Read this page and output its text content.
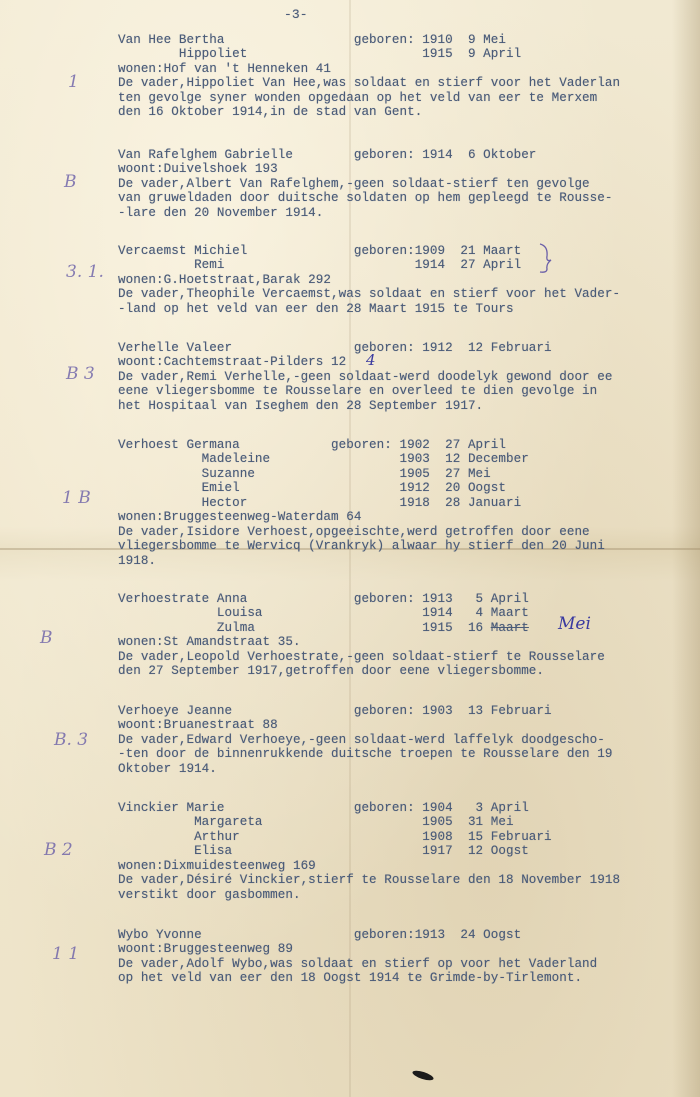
-3-
Van Hee Bertha                 geboren: 1910  9 Mei
Hippoliet                       1915  9 April
wonen:Hof van 't Henneken 41
De vader,Hippoliet Van Hee,was soldaat en stierf voor het Vaderlan
ten gevolge syner wonden opgedaan op het veld van eer te Merxem
den 16 Oktober 1914,in de stad van Gent.
1
Van Rafelghem Gabrielle        geboren: 1914  6 Oktober
woont:Duivelshoek 193
De vader,Albert Van Rafelghem,-geen soldaat-stierf ten gevolge
van gruweldaden door duitsche soldaten op hem gepleegd te Rousse-
-lare den 20 November 1914.
B
Vercaemst Michiel              geboren:1909  21 Maart
Remi                         1914  27 April
wonen:G.Hoetstraat,Barak 292
De vader,Theophile Vercaemst,was soldaat en stierf voor het Vader-
-land op het veld van eer den 28 Maart 1915 te Tours
3. 1.
Verhelle Valeer                geboren: 1912  12 Februari
woont:Cachtemstraat-Pilders 12 4
De vader,Remi Verhelle,-geen soldaat-werd doodelyk gewond door ee
eene vliegersbomme te Rousselare en overleed te dien gevolge in
het Hospitaal van Iseghem den 28 September 1917.
B 3
Verhoest Germana            geboren: 1902  27 April
Madeleine                 1903  12 December
Suzanne                   1905  27 Mei
Emiel                     1912  20 Oogst
Hector                    1918  28 Januari
wonen:Bruggesteenweg-Waterdam 64
De vader,Isidore Verhoest,opgeeischte,werd getroffen door eene
vliegersbomme te Wervicq (Vrankryk) alwaar hy stierf den 20 Juni
1918.
1 B
Verhoestrate Anna              geboren: 1913   5 April
Louisa                     1914   4 Maart
Zulma                      1915  16 Maart Mei
wonen:St Amandstraat 35.
De vader,Leopold Verhoestrate,-geen soldaat-stierf te Rousselare
den 27 September 1917,getroffen door eene vliegersbomme.
B
Verhoeye Jeanne                geboren: 1903  13 Februari
woont:Bruanestraat 88
De vader,Edward Verhoeye,-geen soldaat-werd laffelyk doodgescho-
-ten door de binnenrukkende duitsche troepen te Rousselare den 19
Oktober 1914.
B. 3
Vinckier Marie                 geboren: 1904   3 April
Margareta                     1905  31 Mei
Arthur                        1908  15 Februari
Elisa                         1917  12 Oogst
wonen:Dixmuidesteenweg 169
De vader,Désiré Vinckier,stierf te Rousselare den 18 November 1918
verstikt door gasbommen.
B 2
Wybo Yvonne                    geboren:1913  24 Oogst
woont:Bruggesteenweg 89
De vader,Adolf Wybo,was soldaat en stierf op voor het Vaderland
op het veld van eer den 18 Oogst 1914 te Grimde-by-Tirlemont.
1 1
